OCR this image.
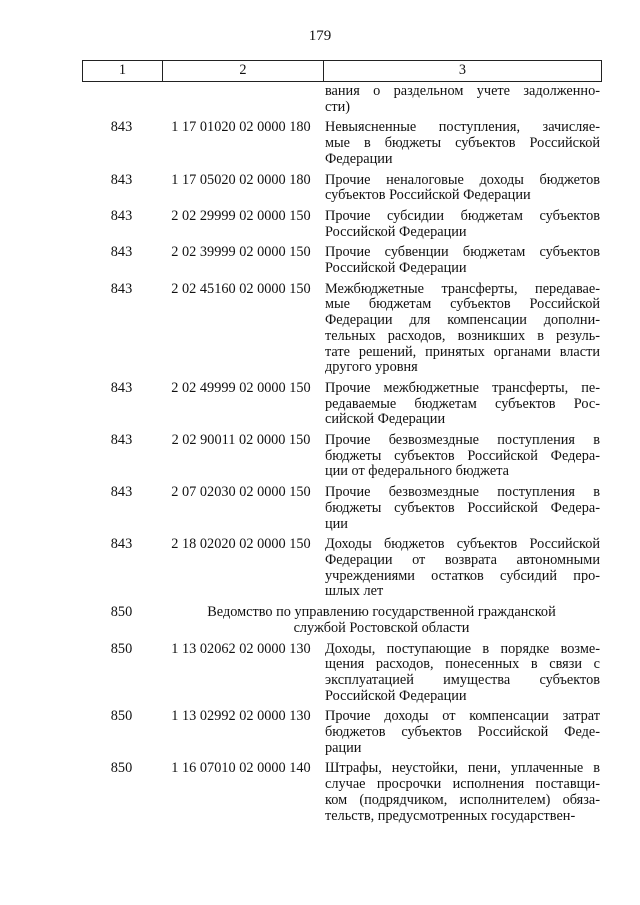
179
1	2	3
вания о раздельном учете задолженно-
сти)
843	1 17 01020 02 0000 180 Невыясненные поступления, зачисляе-
мые в бюджеты субъектов Российской
Федерации
843	1 17 05020 02 0000 180 Прочие неналоговые доходы бюджетов
субъектов Российской Федерации
843	2 02 29999 02 0000 150 Прочие субсидии бюджетам субъектов
Российской Федерации
843	2 02 39999 02 0000 150 Прочие субвенции бюджетам субъектов
Российской Федерации
843	2 02 45160 02 0000 150 Межбюджетные трансферты, передавае-
мые бюджетам субъектов Российской
Федерации для компенсации дополни-
тельных расходов, возникших в резуль-
тате решений, принятых органами власти
другого уровня
843	2 02 49999 02 0000 150 Прочие межбюджетные трансферты, пе-
редаваемые бюджетам субъектов Рос-
сийской Федерации
843	2 02 90011 02 0000 150	Прочие безвозмездные поступления в
бюджеты субъектов Российской Федера-
ции от федерального бюджета
843	2 07 02030 02 0000 150 Прочие безвозмездные поступления в
бюджеты субъектов Российской Федера-
ции
843	2 18 02020 02 0000 150 Доходы бюджетов субъектов Российской
Федерации от возврата автономными
учреждениями остатков субсидий про-
шлых лет
850	Ведомство по управлению государственной гражданской
службой Ростовской области
850	1 13 02062 02 0000 130 Доходы, поступающие в порядке возме-
щения расходов, понесенных в связи с
эксплуатацией имущества субъектов
Российской Федерации
850	1 13 02992 02 0000 130 Прочие доходы от компенсации затрат
бюджетов субъектов Российской Феде-
рации
850	1 16 07010 02 0000 140 Штрафы, неустойки, пени, уплаченные в
случае просрочки исполнения поставщи-
ком (подрядчиком, исполнителем) обяза-
тельств, предусмотренных государствен-
